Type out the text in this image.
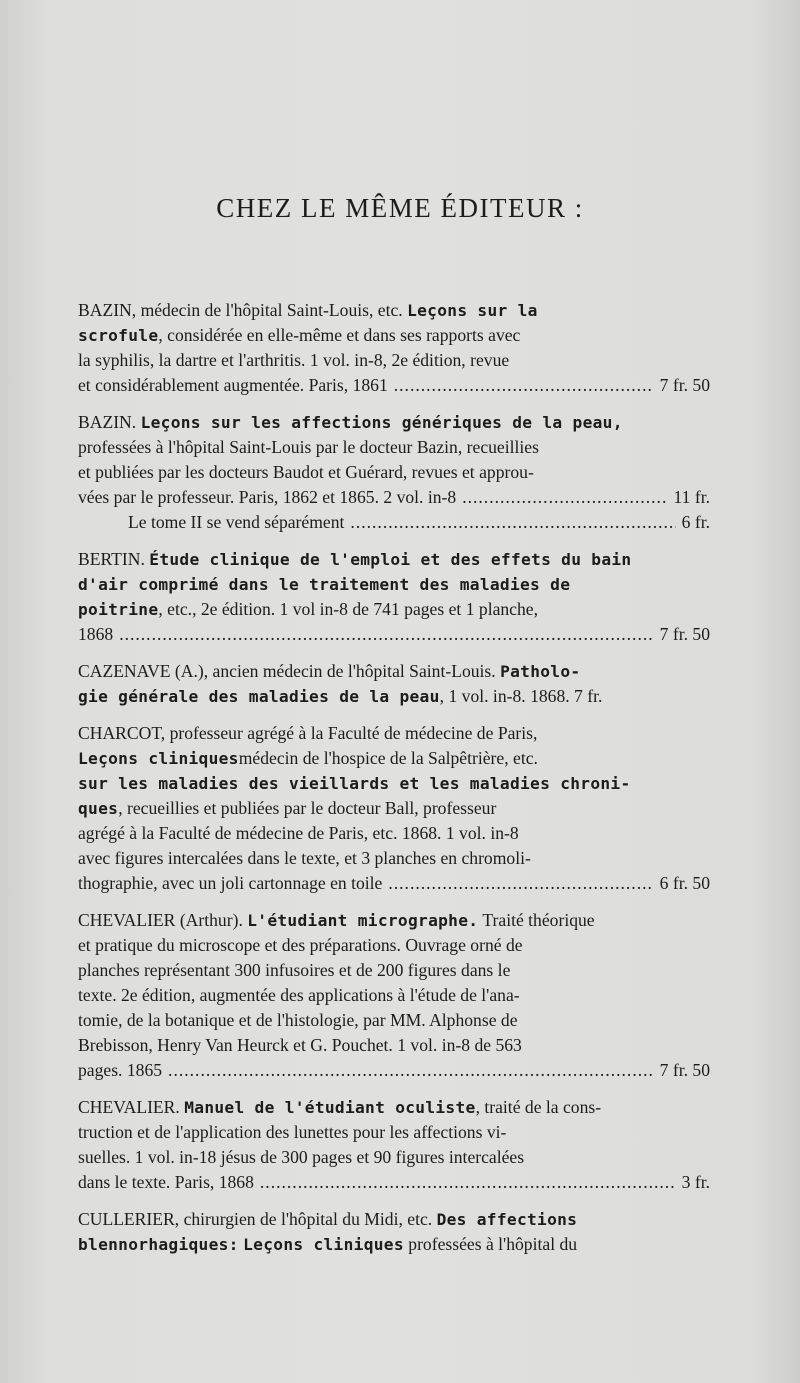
CHEZ LE MÊME ÉDITEUR :
BAZIN, médecin de l'hôpital Saint-Louis, etc. Leçons sur la
scrofule, considérée en elle-même et dans ses rapports avec
la syphilis, la dartre et l'arthritis. 1 vol. in-8, 2e édition, revue
et considérablement augmentée. Paris, 1861 .....	7 fr. 50
BAZIN. Leçons sur les affections génériques de la peau,
professées à l'hôpital Saint-Louis par le docteur Bazin, recueillies
et publiées par les docteurs Baudot et Guérard, revues et approu-
vées par le professeur. Paris, 1862 et 1865. 2 vol. in-8 .....	11 fr.
Le tome II se vend séparément .....	6 fr.
BERTIN. Étude clinique de l'emploi et des effets du bain
d'air comprimé dans le traitement des maladies de
poitrine, etc., 2e édition. 1 vol in-8 de 741 pages et 1 planche,
1868 .....	7 fr. 50
CAZENAVE (A.), ancien médecin de l'hôpital Saint-Louis. Patholo-
gie générale des maladies de la peau, 1 vol. in-8. 1868. 7 fr.
CHARCOT, professeur agrégé à la Faculté de médecine de Paris,
Leçons cliniquesmédecin de l'hospice de la Salpêtrière, etc.
sur les maladies des vieillards et les maladies chroni-
ques, recueillies et publiées par le docteur Ball, professeur
agrégé à la Faculté de médecine de Paris, etc. 1868. 1 vol. in-8
avec figures intercalées dans le texte, et 3 planches en chromoli-
thographie, avec un joli cartonnage en toile .....	6 fr. 50
CHEVALIER (Arthur). L'étudiant micrographe. Traité théorique
et pratique du microscope et des préparations. Ouvrage orné de
planches représentant 300 infusoires et de 200 figures dans le
texte. 2e édition, augmentée des applications à l'étude de l'ana-
tomie, de la botanique et de l'histologie, par MM. Alphonse de
Brebisson, Henry Van Heurck et G. Pouchet. 1 vol. in-8 de 563
pages. 1865 .....	7 fr. 50
CHEVALIER. Manuel de l'étudiant oculiste, traité de la cons-
truction et de l'application des lunettes pour les affections vi-
suelles. 1 vol. in-18 jésus de 300 pages et 90 figures intercalées
dans le texte. Paris, 1868 .....	3 fr.
CULLERIER, chirurgien de l'hôpital du Midi, etc. Des affections
blennorhagiques: Leçons cliniques professées à l'hôpital du
